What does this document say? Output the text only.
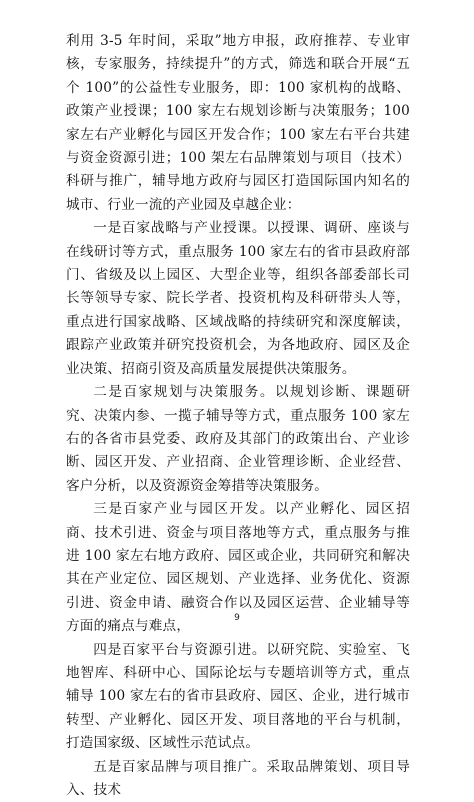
利用 3-5 年时间，采取”地方申报，政府推荐、专业审核，专家服务，持续提升”的方式，筛选和联合开展“五个 100”的公益性专业服务，即：100 家机构的战略、政策产业授课；100 家左右规划诊断与决策服务；100 家左右产业孵化与园区开发合作；100 家左右平台共建与资金资源引进；100 架左右品牌策划与项目（技术）科研与推广，辅导地方政府与园区打造国际国内知名的城市、行业一流的产业园及卓越企业：

一是百家战略与产业授课。以授课、调研、座谈与在线研讨等方式，重点服务 100 家左右的省市县政府部门、省级及以上园区、大型企业等，组织各部委部长司长等领导专家、院长学者、投资机构及科研带头人等，重点进行国家战略、区域战略的持续研究和深度解读，跟踪产业政策并研究投资机会，为各地政府、园区及企业决策、招商引资及高质量发展提供决策服务。

二是百家规划与决策服务。以规划诊断、课题研究、决策内参、一揽子辅导等方式，重点服务 100 家左右的各省市县党委、政府及其部门的政策出台、产业诊断、园区开发、产业招商、企业管理诊断、企业经营、客户分析，以及资源资金筹措等决策服务。

三是百家产业与园区开发。以产业孵化、园区招商、技术引进、资金与项目落地等方式，重点服务与推进 100 家左右地方政府、园区或企业，共同研究和解决其在产业定位、园区规划、产业选择、业务优化、资源引进、资金申请、融资合作以及园区运营、企业辅导等方面的痛点与难点，

四是百家平台与资源引进。以研究院、实验室、飞地智库、科研中心、国际论坛与专题培训等方式，重点辅导 100 家左右的省市县政府、园区、企业，进行城市转型、产业孵化、园区开发、项目落地的平台与机制，打造国家级、区域性示范试点。

五是百家品牌与项目推广。采取品牌策划、项目导入、技术

9
